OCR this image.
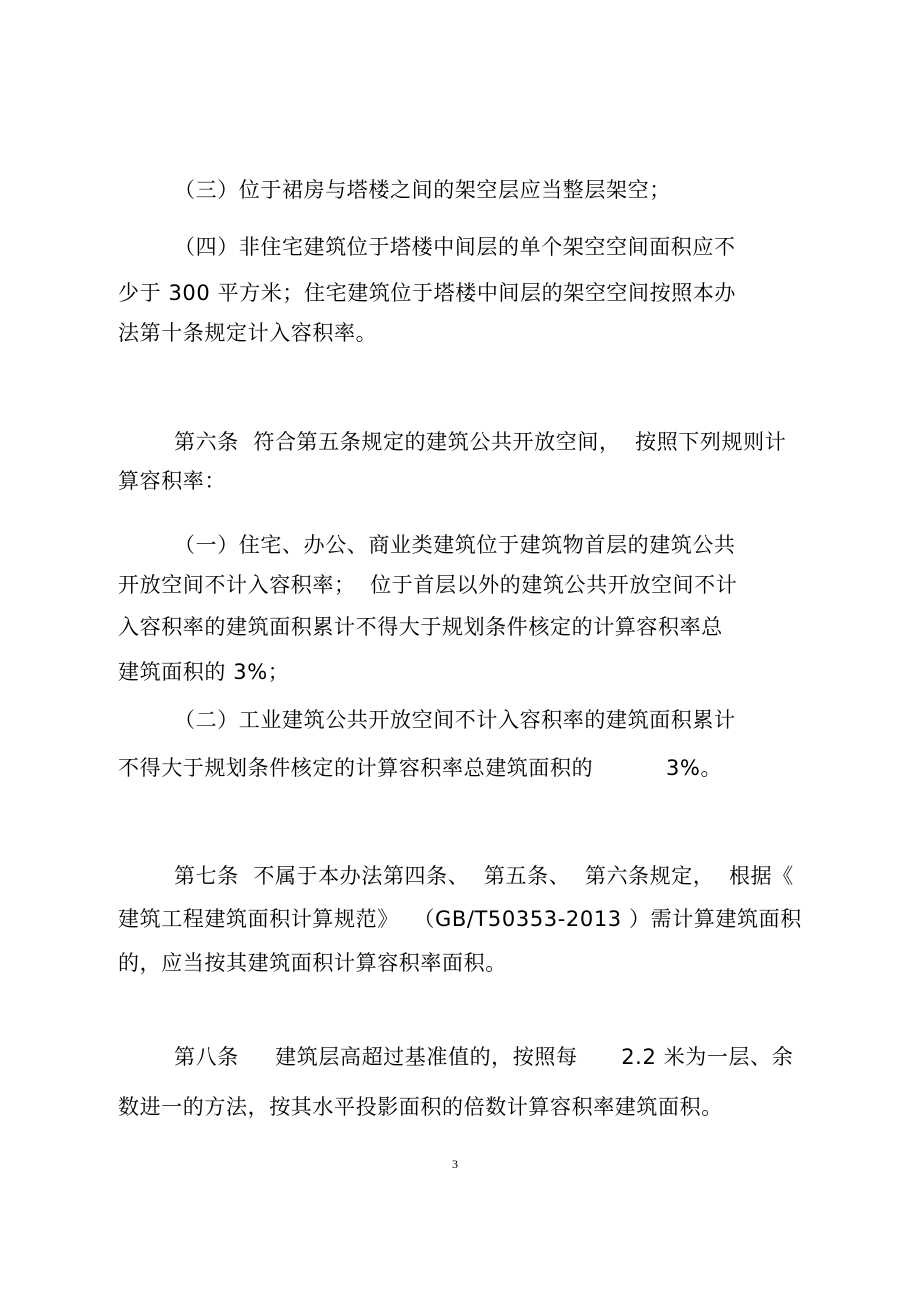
（三）位于裙房与塔楼之间的架空层应当整层架空；
（四）非住宅建筑位于塔楼中间层的单个架空空间面积应不
少于 300 平方米；住宅建筑位于塔楼中间层的架空空间按照本办
法第十条规定计入容积率。
第六条  符合第五条规定的建筑公共开放空间，  按照下列规则计
算容积率：
（一）住宅、办公、商业类建筑位于建筑物首层的建筑公共
开放空间不计入容积率；  位于首层以外的建筑公共开放空间不计
入容积率的建筑面积累计不得大于规划条件核定的计算容积率总
建筑面积的 3%；
（二）工业建筑公共开放空间不计入容积率的建筑面积累计
不得大于规划条件核定的计算容积率总建筑面积的          3%。
第七条  不属于本办法第四条、  第五条、  第六条规定，  根据《
建筑工程建筑面积计算规范》  （GB/T50353-2013 ）需计算建筑面积
的，应当按其建筑面积计算容积率面积。
第八条     建筑层高超过基准值的，按照每      2.2 米为一层、余
数进一的方法，按其水平投影面积的倍数计算容积率建筑面积。
3
